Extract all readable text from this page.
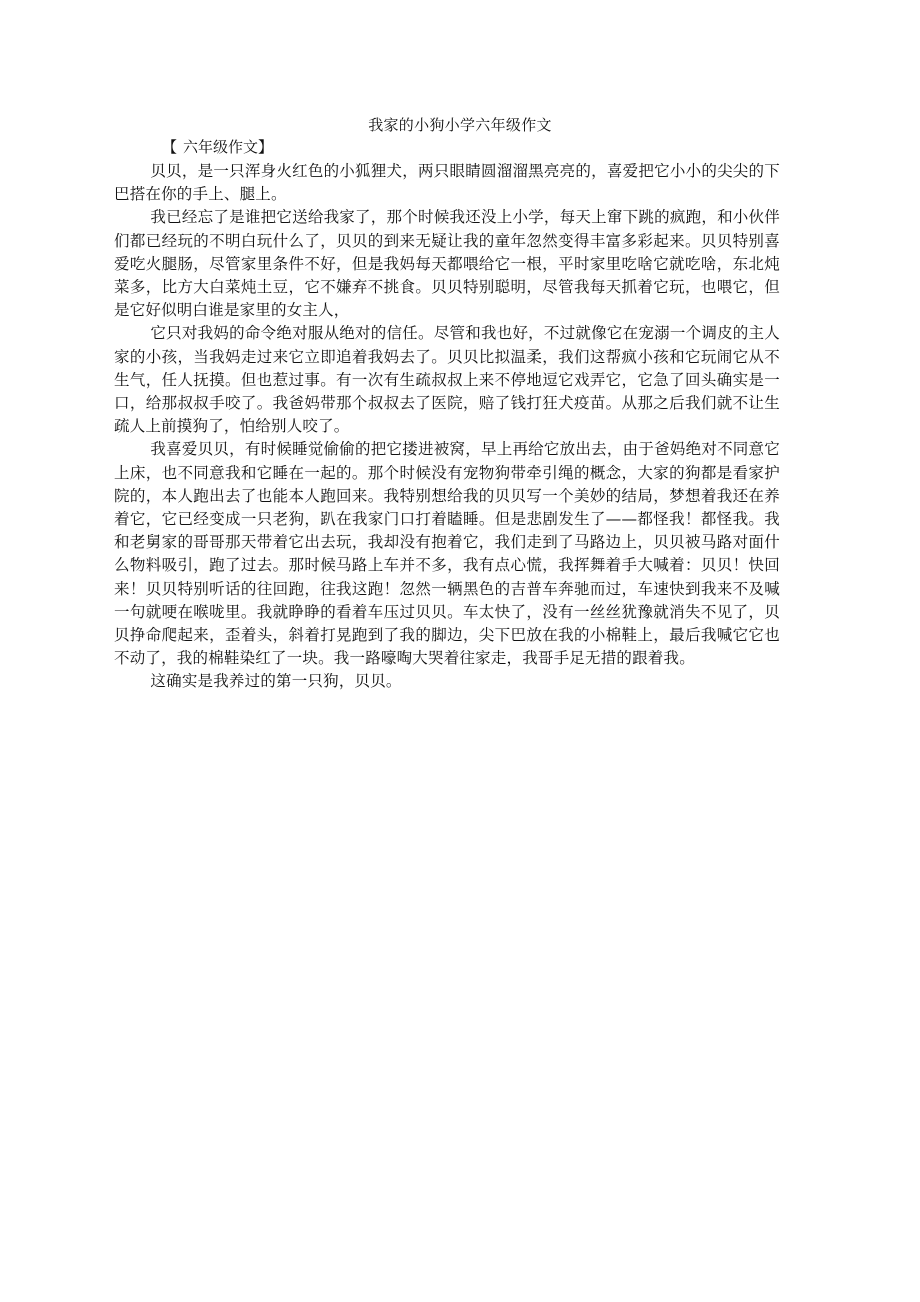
我家的小狗小学六年级作文
【 六年级作文】

贝贝，是一只浑身火红色的小狐狸犬，两只眼睛圆溜溜黑亮亮的，喜爱把它小小的尖尖的下巴搭在你的手上、腿上。

我已经忘了是谁把它送给我家了，那个时候我还没上小学，每天上窜下跳的疯跑，和小伙伴们都已经玩的不明白玩什么了，贝贝的到来无疑让我的童年忽然变得丰富多彩起来。贝贝特别喜爱吃火腿肠，尽管家里条件不好，但是我妈每天都喂给它一根，平时家里吃啥它就吃啥，东北炖菜多，比方大白菜炖土豆，它不嫌弃不挑食。贝贝特别聪明，尽管我每天抓着它玩，也喂它，但是它好似明白谁是家里的女主人，

它只对我妈的命令绝对服从绝对的信任。尽管和我也好，不过就像它在宠溺一个调皮的主人家的小孩，当我妈走过来它立即追着我妈去了。贝贝比拟温柔，我们这帮疯小孩和它玩闹它从不生气，任人抚摸。但也惹过事。有一次有生疏叔叔上来不停地逗它戏弄它，它急了回头确实是一口，给那叔叔手咬了。我爸妈带那个叔叔去了医院，赔了钱打狂犬疫苗。从那之后我们就不让生疏人上前摸狗了，怕给别人咬了。

我喜爱贝贝，有时候睡觉偷偷的把它搂进被窝，早上再给它放出去，由于爸妈绝对不同意它上床，也不同意我和它睡在一起的。那个时候没有宠物狗带牵引绳的概念，大家的狗都是看家护院的，本人跑出去了也能本人跑回来。我特别想给我的贝贝写一个美妙的结局，梦想着我还在养着它，它已经变成一只老狗，趴在我家门口打着瞌睡。但是悲剧发生了——都怪我！都怪我。我和老舅家的哥哥那天带着它出去玩，我却没有抱着它，我们走到了马路边上，贝贝被马路对面什么物料吸引，跑了过去。那时候马路上车并不多，我有点心慌，我挥舞着手大喊着：贝贝！快回来！贝贝特别听话的往回跑，往我这跑！忽然一辆黑色的吉普车奔驰而过，车速快到我来不及喊一句就哽在喉咙里。我就睁睁的看着车压过贝贝。车太快了，没有一丝丝犹豫就消失不见了，贝贝挣命爬起来，歪着头，斜着打晃跑到了我的脚边，尖下巴放在我的小棉鞋上，最后我喊它它也不动了，我的棉鞋染红了一块。我一路嚎啕大哭着往家走，我哥手足无措的跟着我。

这确实是我养过的第一只狗，贝贝。
